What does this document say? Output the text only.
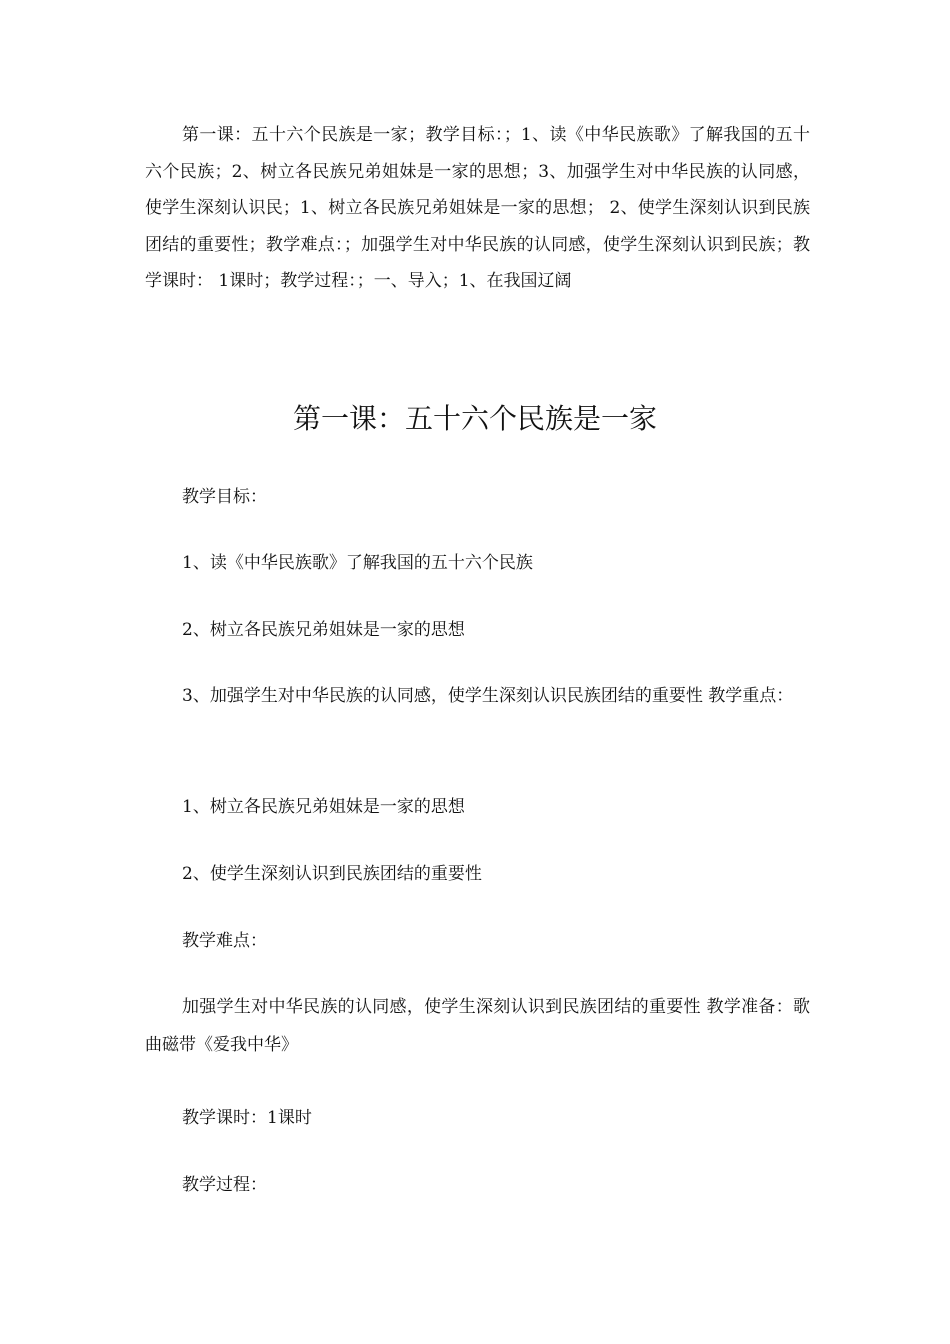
第一课：五十六个民族是一家；教学目标：；1、读《中华民族歌》了解我国的五十六个民族；2、树立各民族兄弟姐妹是一家的思想；3、加强学生对中华民族的认同感，使学生深刻认识民；1、树立各民族兄弟姐妹是一家的思想； 2、使学生深刻认识到民族团结的重要性；教学难点：；加强学生对中华民族的认同感，使学生深刻认识到民族；教学课时： 1课时；教学过程：；一、导入；1、在我国辽阔

第一课：五十六个民族是一家

教学目标：

1、读《中华民族歌》了解我国的五十六个民族

2、树立各民族兄弟姐妹是一家的思想

3、加强学生对中华民族的认同感，使学生深刻认识民族团结的重要性 教学重点：

1、树立各民族兄弟姐妹是一家的思想

2、使学生深刻认识到民族团结的重要性

教学难点：

加强学生对中华民族的认同感，使学生深刻认识到民族团结的重要性 教学准备：歌曲磁带《爱我中华》

教学课时：1课时

教学过程：
